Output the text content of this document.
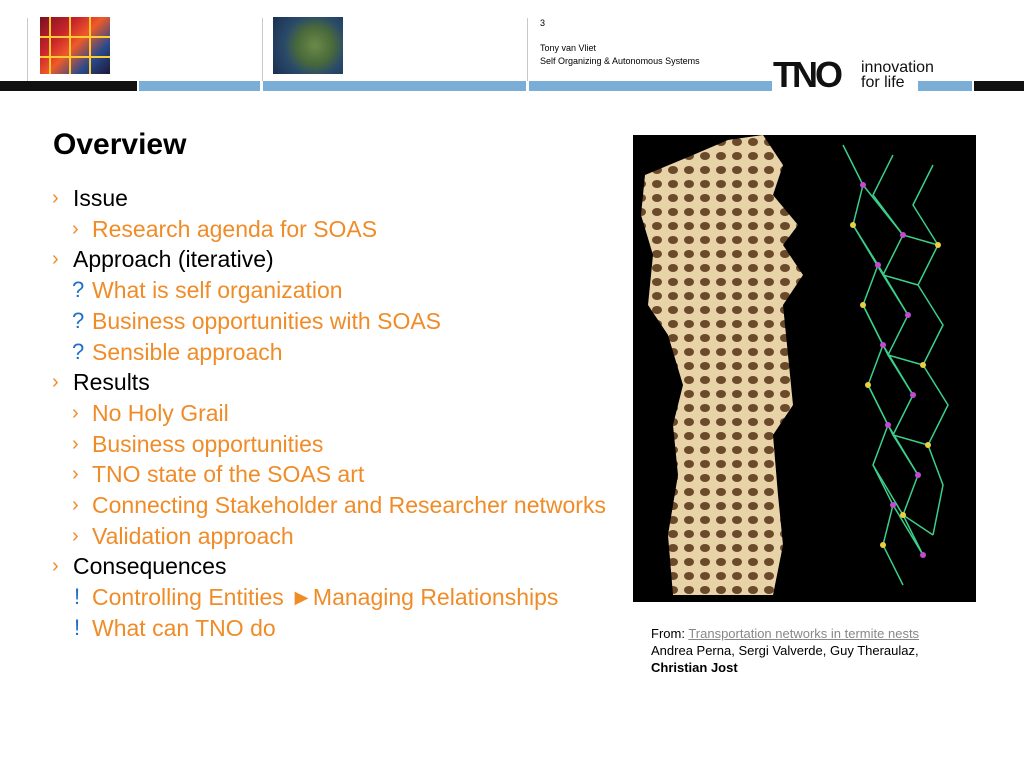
3
Tony van Vliet
Self Organizing & Autonomous Systems TNO innovation
for life
Overview
› Issue
› Research agenda for SOAS
› Approach (iterative)
? What is self organization
? Business opportunities with SOAS
? Sensible approach
› Results
› No Holy Grail
› Business opportunities
› TNO state of the SOAS art
› Connecting Stakeholder and Researcher networks
› Validation approach
› Consequences
! Controlling Entities ►Managing Relationships
! What can TNO do	From: Transportation networks in termite nests
Andrea Perna, Sergi Valverde, Guy Theraulaz,
Christian Jost
